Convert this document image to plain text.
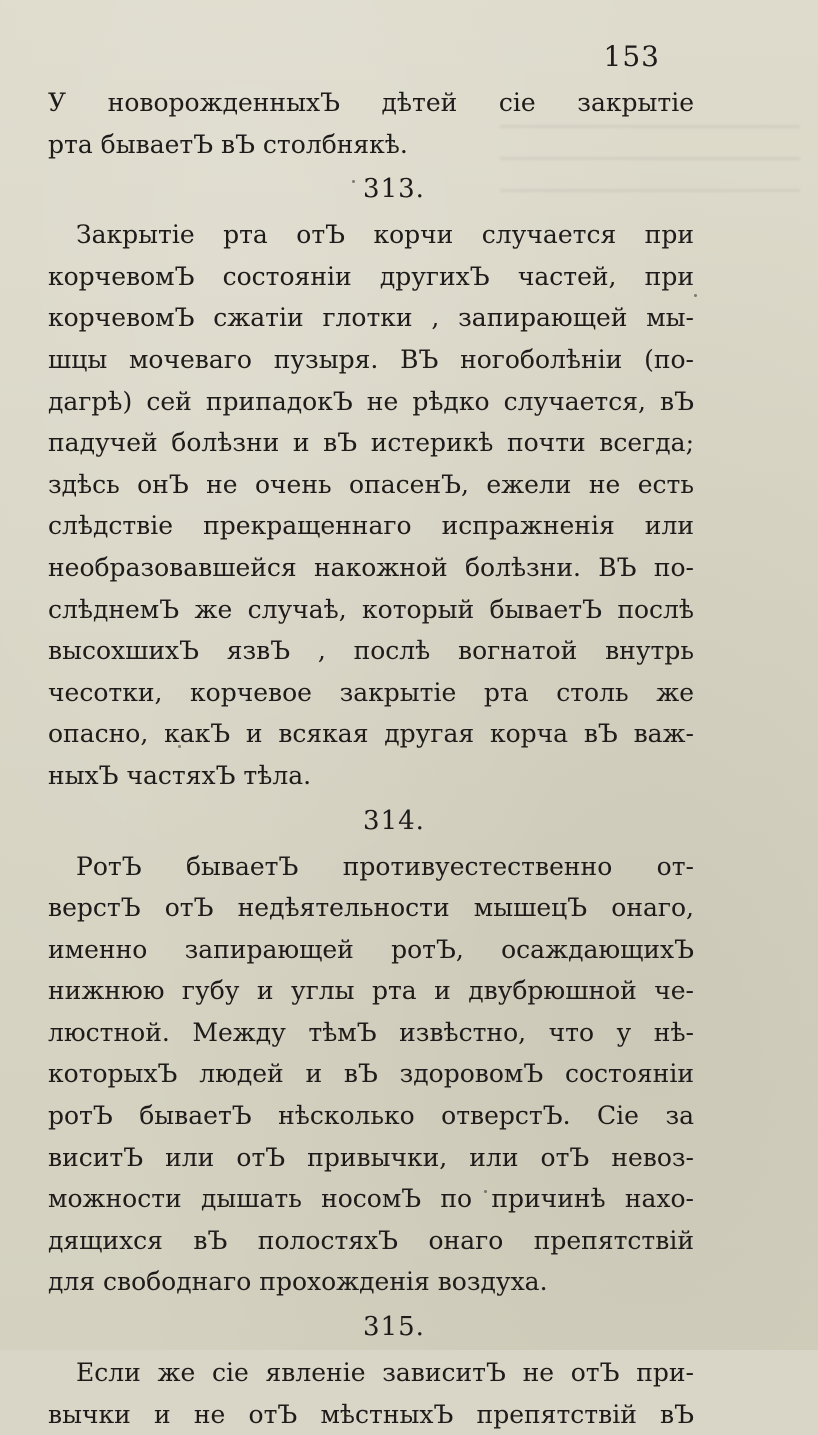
153
У новорожденныхЪ дѣтей сіе закрытіе
рта бываетЪ вЪ столбнякѣ.
313.
Закрытіе рта отЪ корчи случается при
корчевомЪ состояніи другихЪ частей, при
корчевомЪ сжатіи глотки , запирающей мы-
шцы мочеваго пузыря. ВЪ ногоболѣніи (по-
дагрѣ) сей припадокЪ не рѣдко случается, вЪ
падучей болѣзни и вЪ истерикѣ почти всегда;
здѣсь онЪ не очень опасенЪ, ежели не есть
слѣдствіе прекращеннаго испражненія или
необразовавшейся накожной болѣзни. ВЪ по-
слѣднемЪ же случаѣ, который бываетЪ послѣ
высохшихЪ язвЪ , послѣ вогнатой внутрь
чесотки, корчевое закрытіе рта столь же
опасно, какЪ и всякая другая корча вЪ важ-
ныхЪ частяхЪ тѣла.
314.
РотЪ бываетЪ противуестественно от-
верстЪ отЪ недѣятельности мышецЪ онаго,
именно запирающей ротЪ, осаждающихЪ
нижнюю губу и углы рта и двубрюшной че-
люстной. Между тѣмЪ извѣстно, что у нѣ-
которыхЪ людей и вЪ здоровомЪ состояніи
ротЪ бываетЪ нѣсколько отверстЪ. Сіе за
виситЪ или отЪ привычки, или отЪ невоз-
можности дышать носомЪ по причинѣ нахо-
дящихся вЪ полостяхЪ онаго препятствій
для свободнаго прохожденія воздуха.
315.
Если же сіе явленіе зависитЪ не отЪ при-
вычки и не отЪ мѣстныхЪ препятствій вЪ
